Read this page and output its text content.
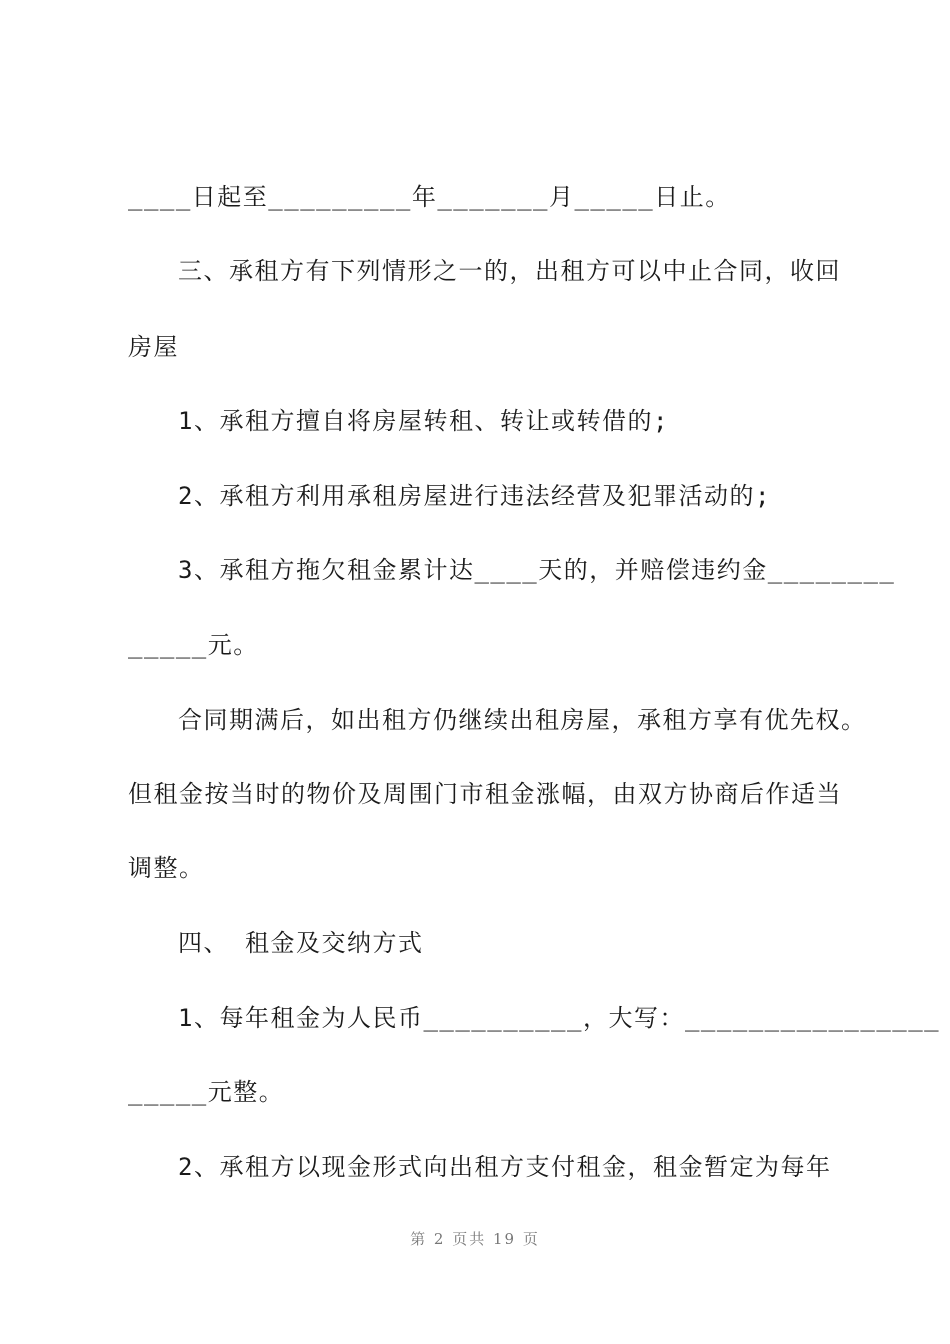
____日起至_________年_______月_____日止。
三、承租方有下列情形之一的，出租方可以中止合同，收回
房屋
1、承租方擅自将房屋转租、转让或转借的;
2、承租方利用承租房屋进行违法经营及犯罪活动的;
3、承租方拖欠租金累计达____天的，并赔偿违约金________
_____元。
合同期满后，如出租方仍继续出租房屋，承租方享有优先权。
但租金按当时的物价及周围门市租金涨幅，由双方协商后作适当
调整。
四、 租金及交纳方式
1、每年租金为人民币__________，大写：________________
_____元整。
2、承租方以现金形式向出租方支付租金，租金暂定为每年
第 2 页共 19 页
